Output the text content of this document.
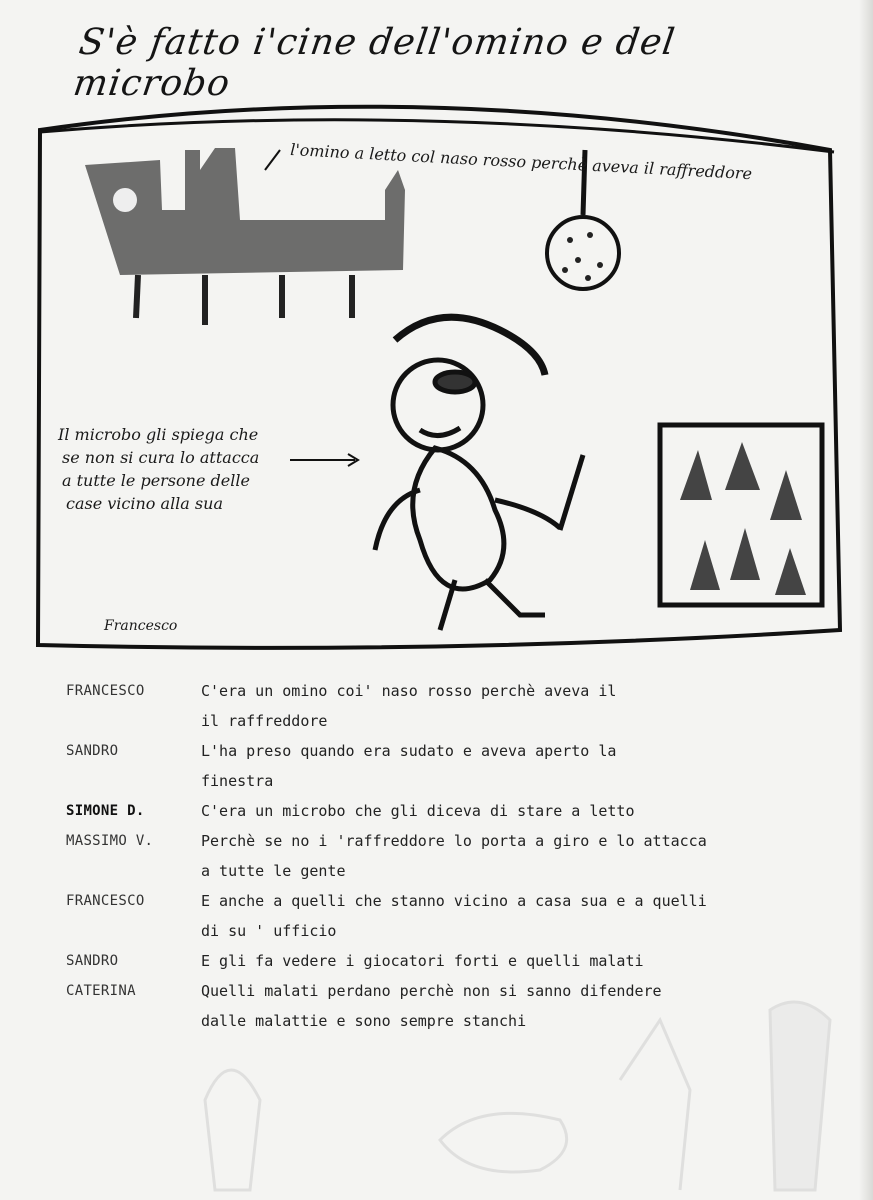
S'è fatto i'cine dell'omino e del microbo
l'omino a letto col naso rosso perchè aveva il raffreddore
Il microbo gli spiega che
se non si cura lo attacca
a tutte le persone delle
case vicino alla sua
Francesco
FRANCESCO	C'era un omino coi' naso rosso perchè aveva il
il raffreddore
SANDRO	L'ha preso quando era sudato e aveva aperto la
finestra
SIMONE D.	C'era un microbo che gli diceva di stare a letto
MASSIMO V.	Perchè se no i 'raffreddore lo porta a giro e lo attacca
a tutte le gente
FRANCESCO	E anche a quelli che stanno vicino a casa sua e a quelli
di su ' ufficio
SANDRO	E gli fa vedere i giocatori forti e quelli malati
CATERINA	Quelli malati perdano perchè non si sanno difendere
dalle malattie e sono sempre stanchi
